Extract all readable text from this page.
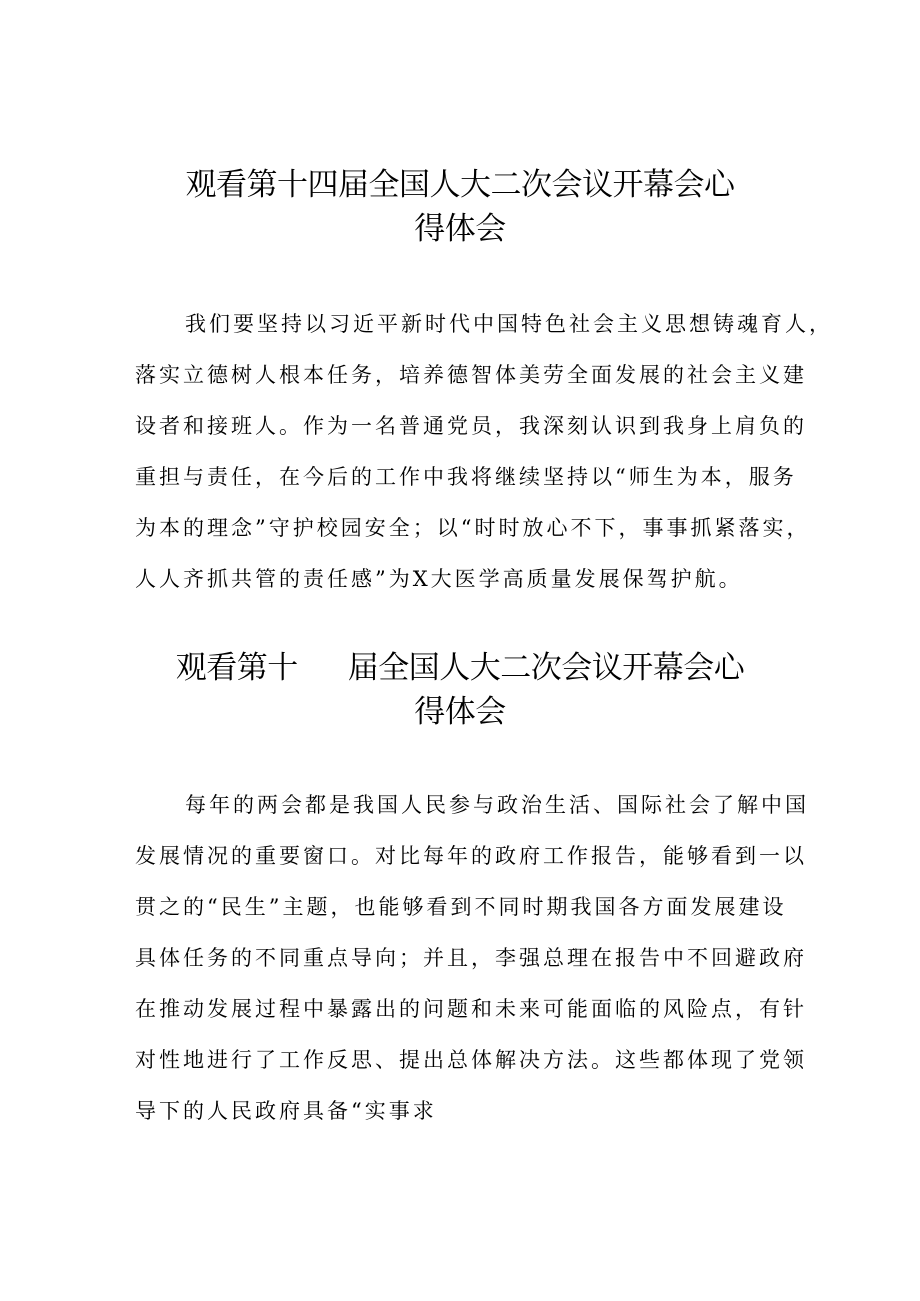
观看第十四届全国人大二次会议开幕会心
得体会
我们要坚持以习近平新时代中国特色社会主义思想铸魂育人，
落实立德树人根本任务，培养德智体美劳全面发展的社会主义建
设者和接班人。作为一名普通党员，我深刻认识到我身上肩负的
重担与责任，在今后的工作中我将继续坚持以“师生为本，服务
为本的理念”守护校园安全；以“时时放心不下，事事抓紧落实，
人人齐抓共管的责任感”为X大医学高质量发展保驾护航。
观看第十 届全国人大二次会议开幕会心
得体会
每年的两会都是我国人民参与政治生活、国际社会了解中国
发展情况的重要窗口。对比每年的政府工作报告，能够看到一以
贯之的“民生”主题，也能够看到不同时期我国各方面发展建设
具体任务的不同重点导向；并且，李强总理在报告中不回避政府
在推动发展过程中暴露出的问题和未来可能面临的风险点，有针
对性地进行了工作反思、提出总体解决方法。这些都体现了党领
导下的人民政府具备“实事求
